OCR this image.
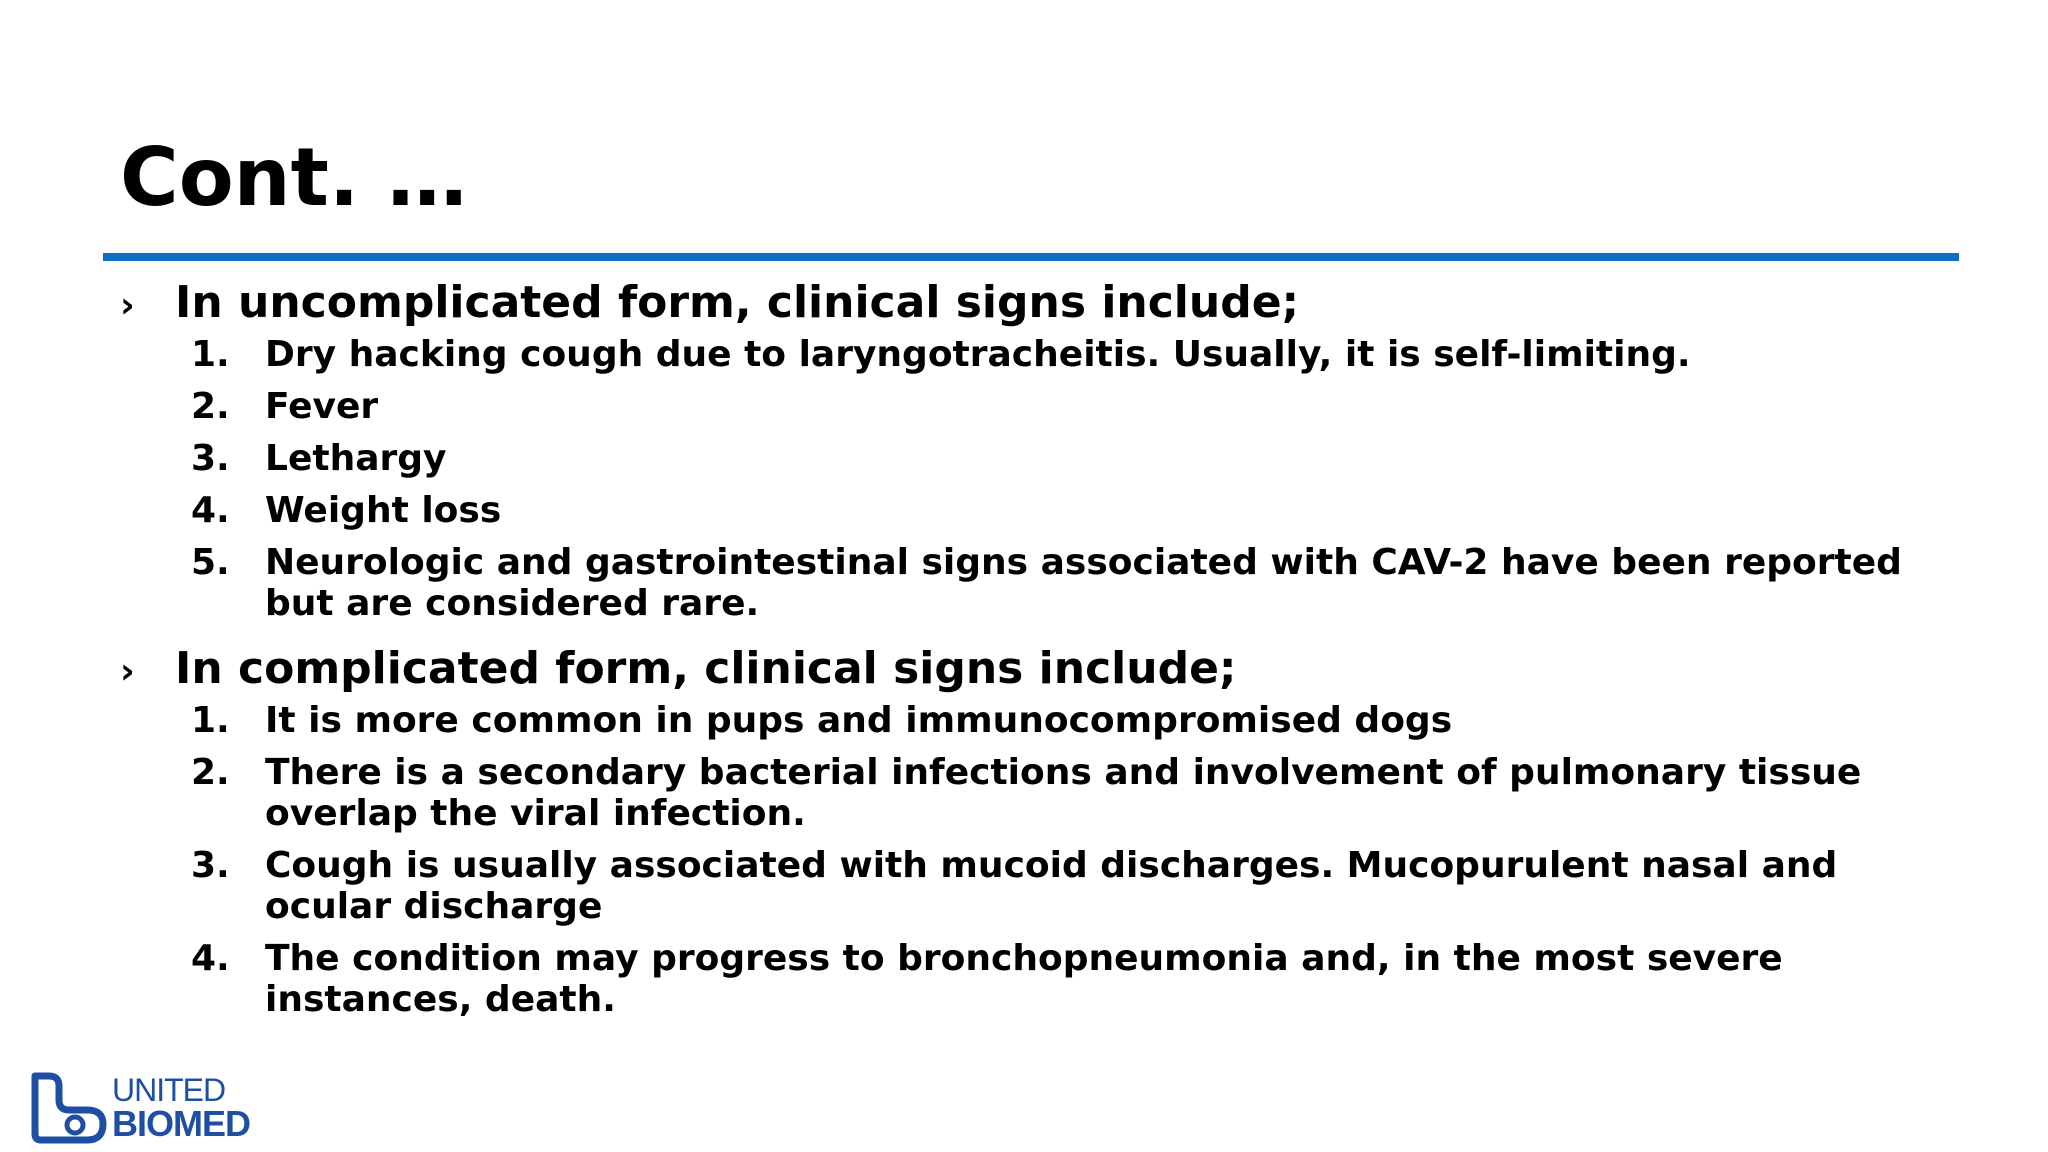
Cont. …
› In uncomplicated form, clinical signs include;
1. Dry hacking cough due to laryngotracheitis. Usually, it is self-limiting.
2. Fever
3. Lethargy
4. Weight loss
5. Neurologic and gastrointestinal signs associated with CAV-2 have been reported but are considered rare.
› In complicated form, clinical signs include;
1. It is more common in pups and immunocompromised dogs
2. There is a secondary bacterial infections and involvement of pulmonary tissue overlap the viral infection.
3. Cough is usually associated with mucoid discharges. Mucopurulent nasal and ocular discharge
4. The condition may progress to bronchopneumonia and, in the most severe instances, death.
UNITED
BIOMED
